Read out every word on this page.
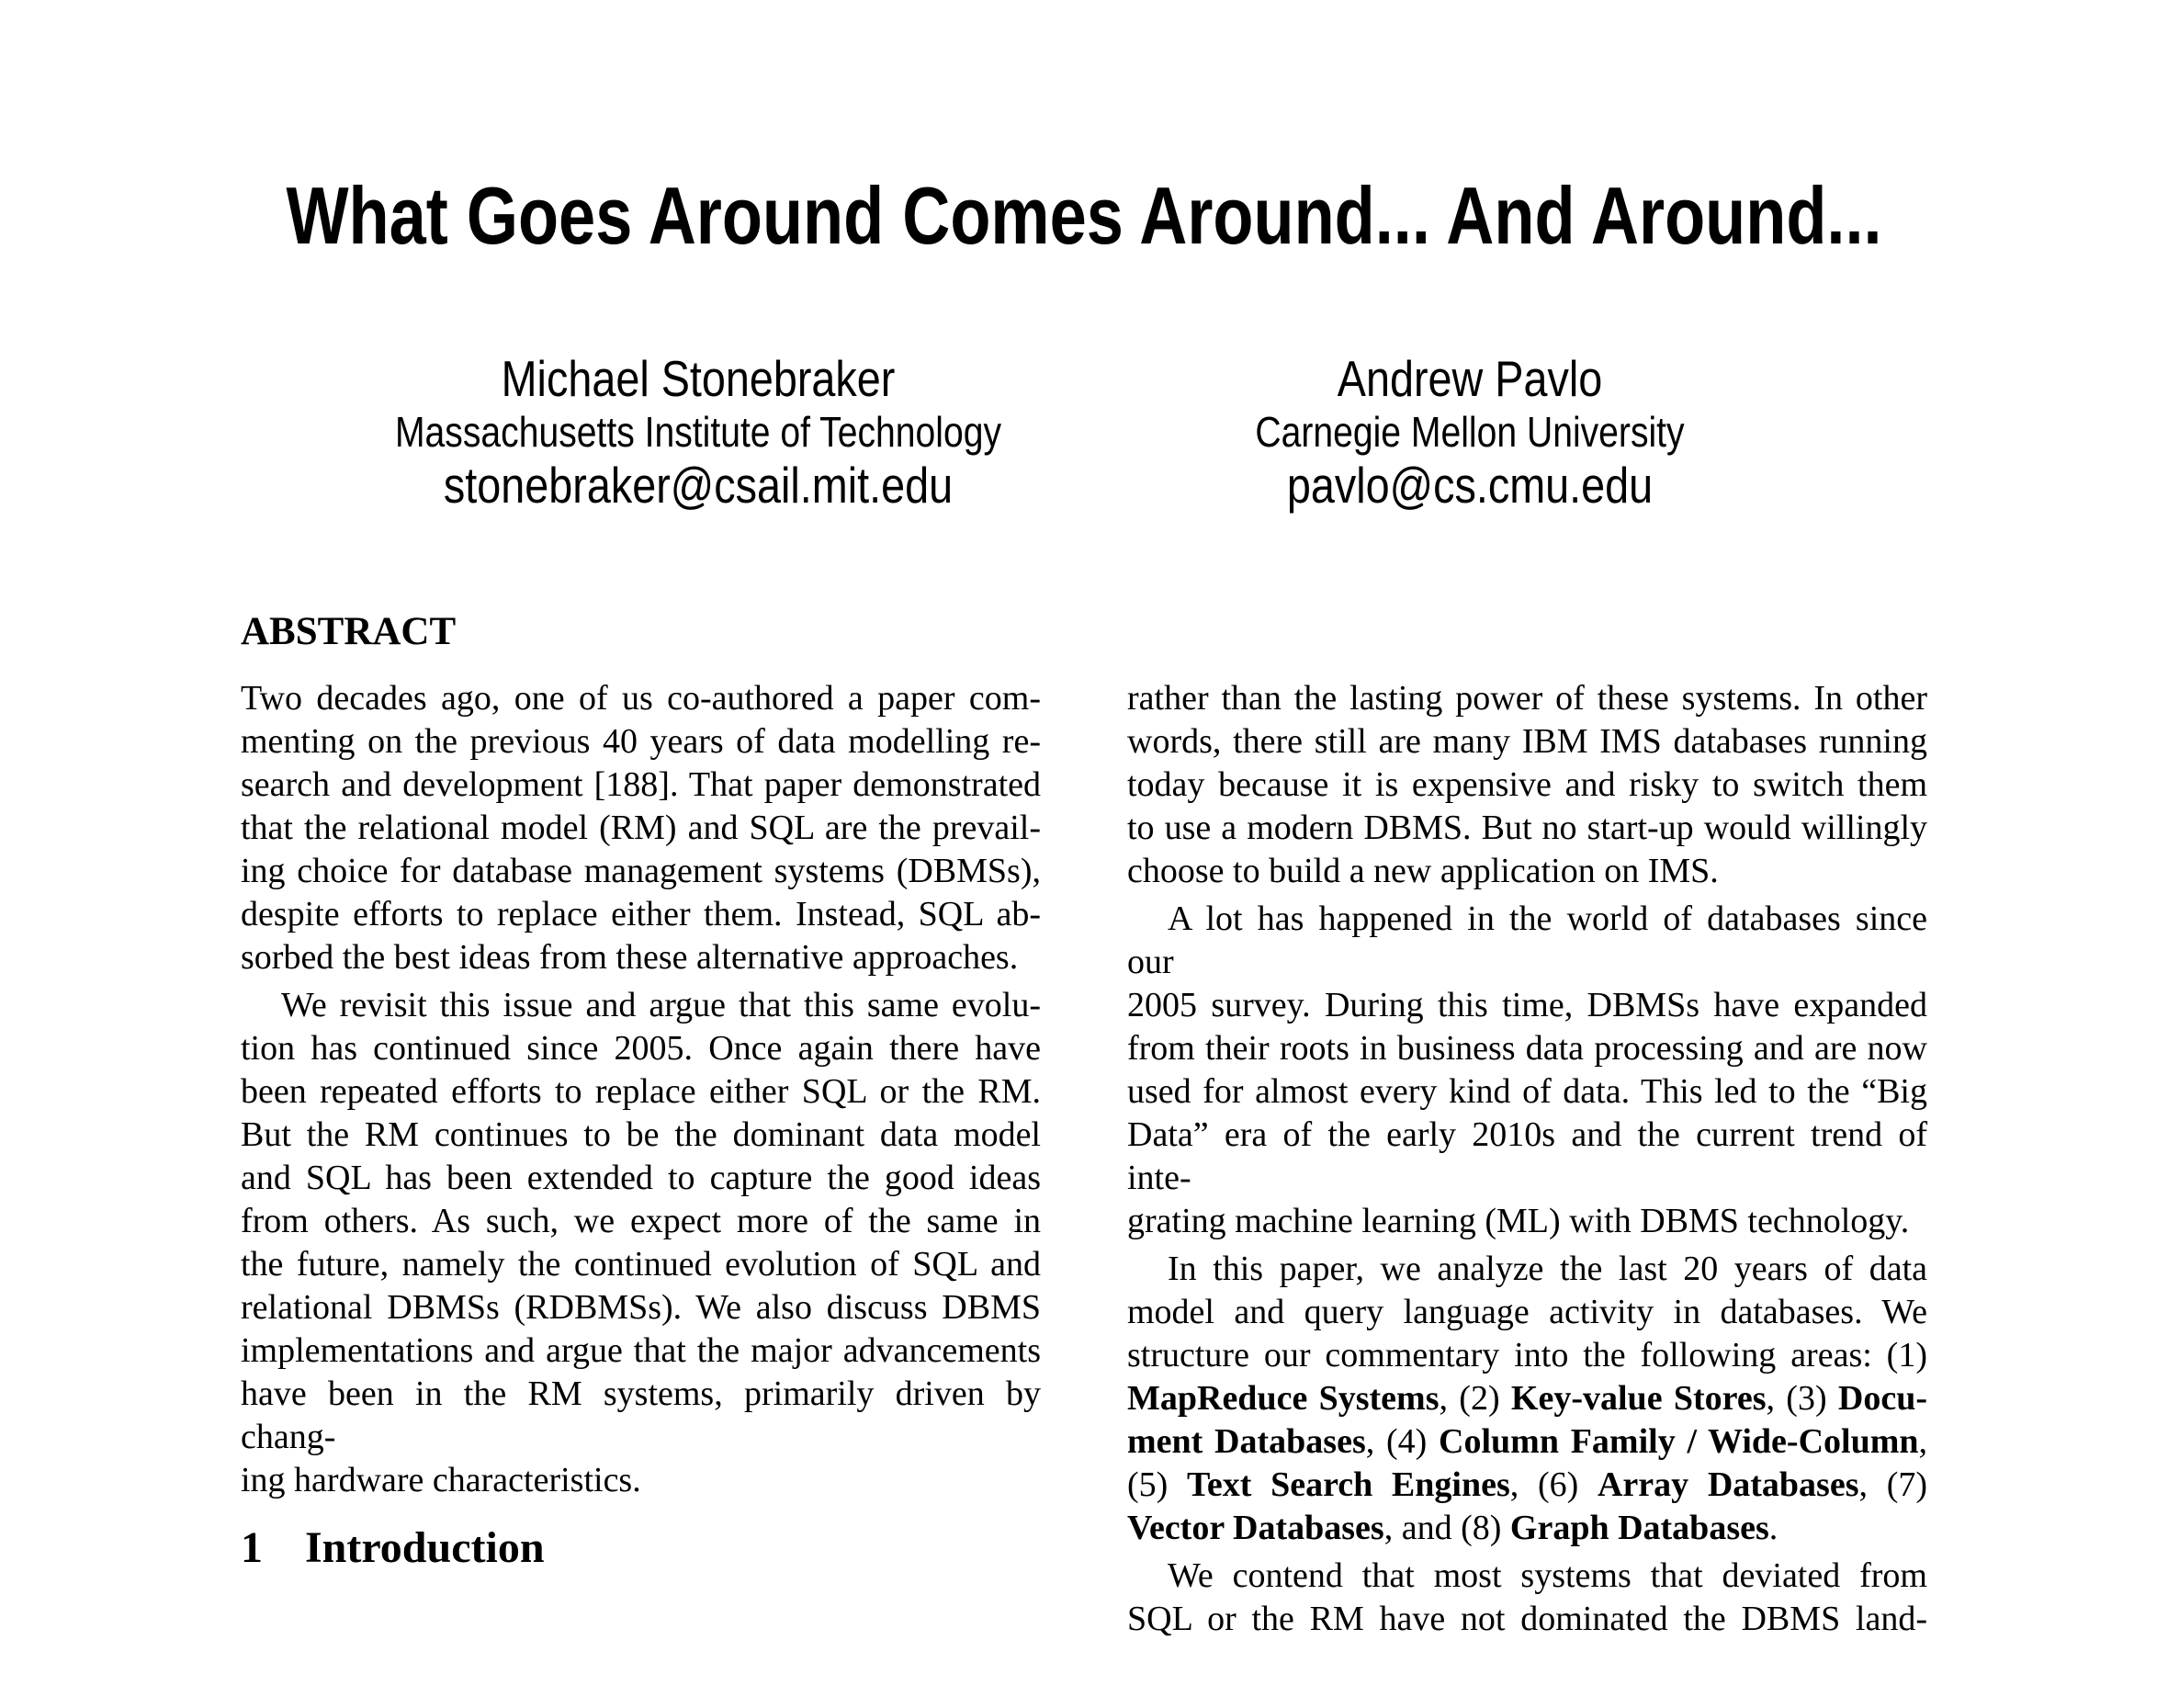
What Goes Around Comes Around... And Around...
Michael Stonebraker
Massachusetts Institute of Technology
stonebraker@csail.mit.edu
Andrew Pavlo
Carnegie Mellon University
pavlo@cs.cmu.edu
ABSTRACT
Two decades ago, one of us co-authored a paper com-
menting on the previous 40 years of data modelling re-
search and development [188]. That paper demonstrated
that the relational model (RM) and SQL are the prevail-
ing choice for database management systems (DBMSs),
despite efforts to replace either them. Instead, SQL ab-
sorbed the best ideas from these alternative approaches.
We revisit this issue and argue that this same evolu-
tion has continued since 2005. Once again there have
been repeated efforts to replace either SQL or the RM.
But the RM continues to be the dominant data model
and SQL has been extended to capture the good ideas
from others. As such, we expect more of the same in
the future, namely the continued evolution of SQL and
relational DBMSs (RDBMSs). We also discuss DBMS
implementations and argue that the major advancements
have been in the RM systems, primarily driven by chang-
ing hardware characteristics.
1 Introduction
rather than the lasting power of these systems. In other
words, there still are many IBM IMS databases running
today because it is expensive and risky to switch them
to use a modern DBMS. But no start-up would willingly
choose to build a new application on IMS.
A lot has happened in the world of databases since our
2005 survey. During this time, DBMSs have expanded
from their roots in business data processing and are now
used for almost every kind of data. This led to the “Big
Data” era of the early 2010s and the current trend of inte-
grating machine learning (ML) with DBMS technology.
In this paper, we analyze the last 20 years of data
model and query language activity in databases. We
structure our commentary into the following areas: (1)
MapReduce Systems, (2) Key-value Stores, (3) Docu-
ment Databases, (4) Column Family / Wide-Column,
(5) Text Search Engines, (6) Array Databases, (7)
Vector Databases, and (8) Graph Databases.
We contend that most systems that deviated from
SQL or the RM have not dominated the DBMS land-
